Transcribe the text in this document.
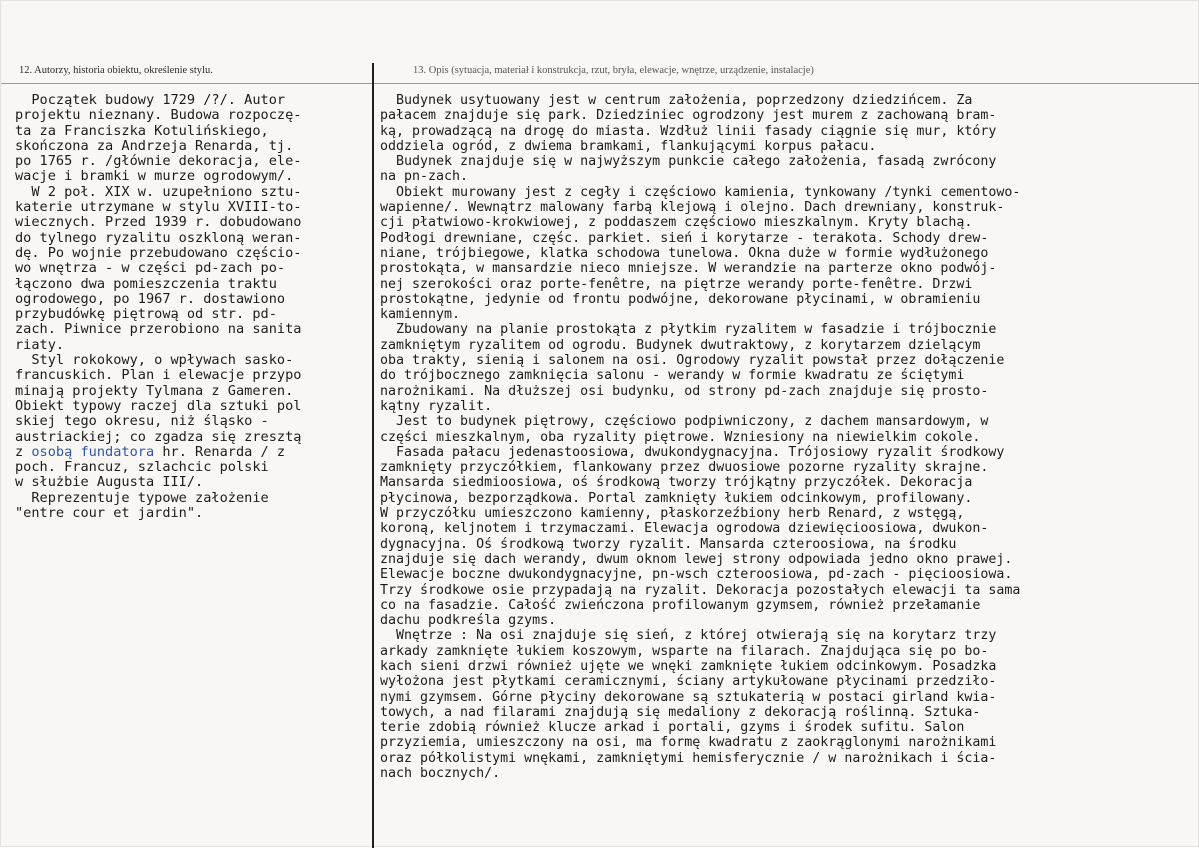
12. Autorzy, historia obiektu, określenie stylu.	13. Opis (sytuacja, materiał i konstrukcja, rzut, bryła, elewacje, wnętrze, urządzenie, instalacje)
Początek budowy 1729 /?/. Autor
projektu nieznany. Budowa rozpoczę-
ta za Franciszka Kotulińskiego,
skończona za Andrzeja Renarda, tj.
po 1765 r. /głównie dekoracja, ele-
wacje i bramki w murze ogrodowym/.
W 2 poł. XIX w. uzupełniono sztu-
katerie utrzymane w stylu XVIII-to-
wiecznych. Przed 1939 r. dobudowano
do tylnego ryzalitu oszkloną weran-
dę. Po wojnie przebudowano częścio-
wo wnętrza - w części pd-zach po-
łączono dwa pomieszczenia traktu
ogrodowego, po 1967 r. dostawiono
przybudówkę piętrową od str. pd-
zach. Piwnice przerobiono na sanita
riaty.
Styl rokokowy, o wpływach sasko-
francuskich. Plan i elewacje przypo
minają projekty Tylmana z Gameren.
Obiekt typowy raczej dla sztuki pol
skiej tego okresu, niż śląsko -
austriackiej; co zgadza się zresztą
z osobą fundatora hr. Renarda / z
poch. Francuz, szlachcic polski
w służbie Augusta III/.
Reprezentuje typowe założenie
"entre cour et jardin".
Budynek usytuowany jest w centrum założenia, poprzedzony dziedzińcem. Za
pałacem znajduje się park. Dziedziniec ogrodzony jest murem z zachowaną bram-
ką, prowadzącą na drogę do miasta. Wzdłuż linii fasady ciągnie się mur, który
oddziela ogród, z dwiema bramkami, flankującymi korpus pałacu.
Budynek znajduje się w najwyższym punkcie całego założenia, fasadą zwrócony
na pn-zach.
Obiekt murowany jest z cegły i częściowo kamienia, tynkowany /tynki cementowo-
wapienne/. Wewnątrz malowany farbą klejową i olejno. Dach drewniany, konstruk-
cji płatwiowo-krokwiowej, z poddaszem częściowo mieszkalnym. Kryty blachą.
Podłogi drewniane, częśc. parkiet. sień i korytarze - terakota. Schody drew-
niane, trójbiegowe, klatka schodowa tunelowa. Okna duże w formie wydłużonego
prostokąta, w mansardzie nieco mniejsze. W werandzie na parterze okno podwój-
nej szerokości oraz porte-fenêtre, na piętrze werandy porte-fenêtre. Drzwi
prostokątne, jedynie od frontu podwójne, dekorowane płycinami, w obramieniu
kamiennym.
Zbudowany na planie prostokąta z płytkim ryzalitem w fasadzie i trójbocznie
zamkniętym ryzalitem od ogrodu. Budynek dwutraktowy, z korytarzem dzielącym
oba trakty, sienią i salonem na osi. Ogrodowy ryzalit powstał przez dołączenie
do trójbocznego zamknięcia salonu - werandy w formie kwadratu ze ściętymi
narożnikami. Na dłuższej osi budynku, od strony pd-zach znajduje się prosto-
kątny ryzalit.
Jest to budynek piętrowy, częściowo podpiwniczony, z dachem mansardowym, w
części mieszkalnym, oba ryzality piętrowe. Wzniesiony na niewielkim cokole.
Fasada pałacu jedenastoosiowa, dwukondygnacyjna. Trójosiowy ryzalit środkowy
zamknięty przyczółkiem, flankowany przez dwuosiowe pozorne ryzality skrajne.
Mansarda siedmioosiowa, oś środkową tworzy trójkątny przyczółek. Dekoracja
płycinowa, bezporządkowa. Portal zamknięty łukiem odcinkowym, profilowany.
W przyczółku umieszczono kamienny, płaskorzeźbiony herb Renard, z wstęgą,
koroną, keljnotem i trzymaczami. Elewacja ogrodowa dziewięcioosiowa, dwukon-
dygnacyjna. Oś środkową tworzy ryzalit. Mansarda czteroosiowa, na środku
znajduje się dach werandy, dwum oknom lewej strony odpowiada jedno okno prawej.
Elewacje boczne dwukondygnacyjne, pn-wsch czteroosiowa, pd-zach - pięcioosiowa.
Trzy środkowe osie przypadają na ryzalit. Dekoracja pozostałych elewacji ta sama
co na fasadzie. Całość zwieńczona profilowanym gzymsem, również przełamanie
dachu podkreśla gzyms.
Wnętrze : Na osi znajduje się sień, z której otwierają się na korytarz trzy
arkady zamknięte łukiem koszowym, wsparte na filarach. Znajdująca się po bo-
kach sieni drzwi również ujęte we wnęki zamknięte łukiem odcinkowym. Posadzka
wyłożona jest płytkami ceramicznymi, ściany artykułowane płycinami przedziło-
nymi gzymsem. Górne płyciny dekorowane są sztukaterią w postaci girland kwia-
towych, a nad filarami znajdują się medaliony z dekoracją roślinną. Sztuka-
terie zdobią również klucze arkad i portali, gzyms i środek sufitu. Salon
przyziemia, umieszczony na osi, ma formę kwadratu z zaokrąglonymi narożnikami
oraz półkolistymi wnękami, zamkniętymi hemisferycznie / w narożnikach i ścia-
nach bocznych/.
